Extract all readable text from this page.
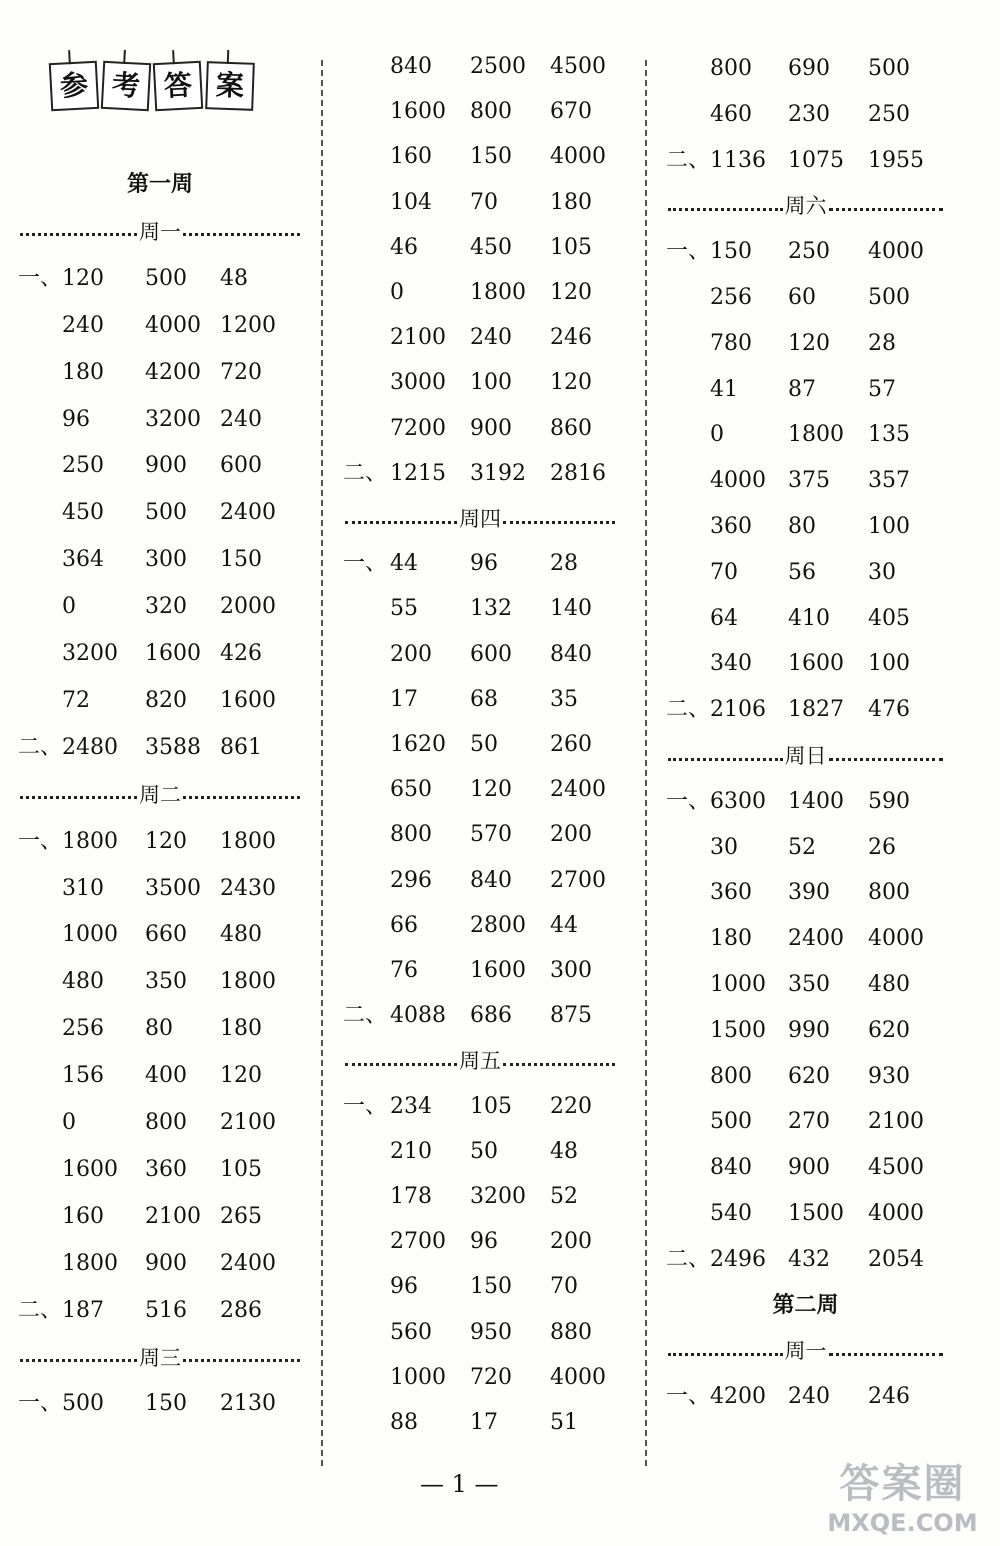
参 考 答 案
第一周
周一
一、 120 500 48
240 4000 1200
180 4200 720
96	3200 240
250 900 600
450 500 2400
364 300 150
0	320 2000
3200 1600 426
72	820 1600
二、 2480 3588 861
周二
一、 1800 120 1800
310 3500 2430
1000 660 480
480 350 1800
256 80 180
156 400 120
0	800 2100
1600 360 105
160 2100 265
1800 900 2400
二、 187 516 286
周三
一、 500 150 2130
840 2500 4500
1600 800 670
160 150 4000
104 70 180
46 450 105
0	1800 120
2100 240 246
3000 100 120
7200 900 860
二、 1215 3192 2816
周四
一、 44 96 28
55 132 140
200 600 840
17 68 35
1620 50 260
650 120 2400
800 570 200
296 840 2700
66 2800 44
76 1600 300
二、 4088 686 875
周五
一、 234 105 220
210 50 48
178 3200 52
2700 96 200
96 150 70
560 950 880
1000 720 4000
88 17 51
800 690 500
460 230 250
二、 1136 1075 1955
周六
一、 150 250 4000
256 60 500
780 120 28
41 87 57
0	1800 135
4000 375 357
360 80 100
70 56 30
64 410 405
340 1600 100
二、 2106 1827 476
周日
一、 6300 1400 590
30 52 26
360 390 800
180 2400 4000
1000 350 480
1500 990 620
800 620 930
500 270 2100
840 900 4500
540 1500 4000
二、 2496 432 2054
第二周
周一
一、 4200 240 246
— 1 —	答案圈
MXQE.COM
